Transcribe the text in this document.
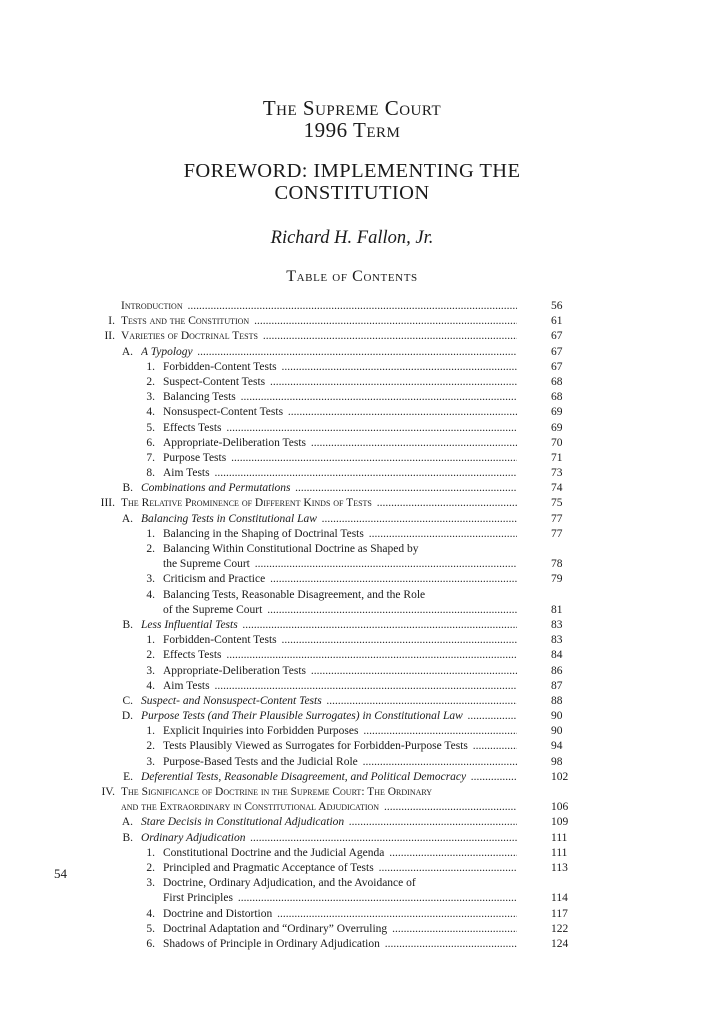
The Supreme Court
1996 Term
FOREWORD: IMPLEMENTING THE
CONSTITUTION
Richard H. Fallon, Jr.
Table of Contents
Introduction .....	56
I. Tests and the Constitution .....	61
II. Varieties of Doctrinal Tests .....	67
A. A Typology .....	67
1. Forbidden-Content Tests .....	67
2. Suspect-Content Tests .....	68
3. Balancing Tests .....	68
4. Nonsuspect-Content Tests .....	69
5. Effects Tests .....	69
6. Appropriate-Deliberation Tests .....	70
7. Purpose Tests .....	71
8. Aim Tests .....	73
B. Combinations and Permutations .....	74
III. The Relative Prominence of Different Kinds of Tests .....	75
A. Balancing Tests in Constitutional Law .....	77
1. Balancing in the Shaping of Doctrinal Tests .....	77
2. Balancing Within Constitutional Doctrine as Shaped by
the Supreme Court .....	78
3. Criticism and Practice .....	79
4. Balancing Tests, Reasonable Disagreement, and the Role
of the Supreme Court .....	81
B. Less Influential Tests .....	83
1. Forbidden-Content Tests .....	83
2. Effects Tests .....	84
3. Appropriate-Deliberation Tests .....	86
4. Aim Tests .....	87
C. Suspect- and Nonsuspect-Content Tests .....	88
D. Purpose Tests (and Their Plausible Surrogates) in Constitutional Law .....	90
1. Explicit Inquiries into Forbidden Purposes .....	90
2. Tests Plausibly Viewed as Surrogates for Forbidden-Purpose Tests .....	94
3. Purpose-Based Tests and the Judicial Role .....	98
E. Deferential Tests, Reasonable Disagreement, and Political Democracy .....	102
IV. The Significance of Doctrine in the Supreme Court: The Ordinary
and the Extraordinary in Constitutional Adjudication .....	106
A. Stare Decisis in Constitutional Adjudication .....	109
B. Ordinary Adjudication .....	111
1. Constitutional Doctrine and the Judicial Agenda .....	111
2. Principled and Pragmatic Acceptance of Tests .....	113
3. Doctrine, Ordinary Adjudication, and the Avoidance of
First Principles .....	114
4. Doctrine and Distortion .....	117
5. Doctrinal Adaptation and “Ordinary” Overruling .....	122
6. Shadows of Principle in Ordinary Adjudication .....	124
54
